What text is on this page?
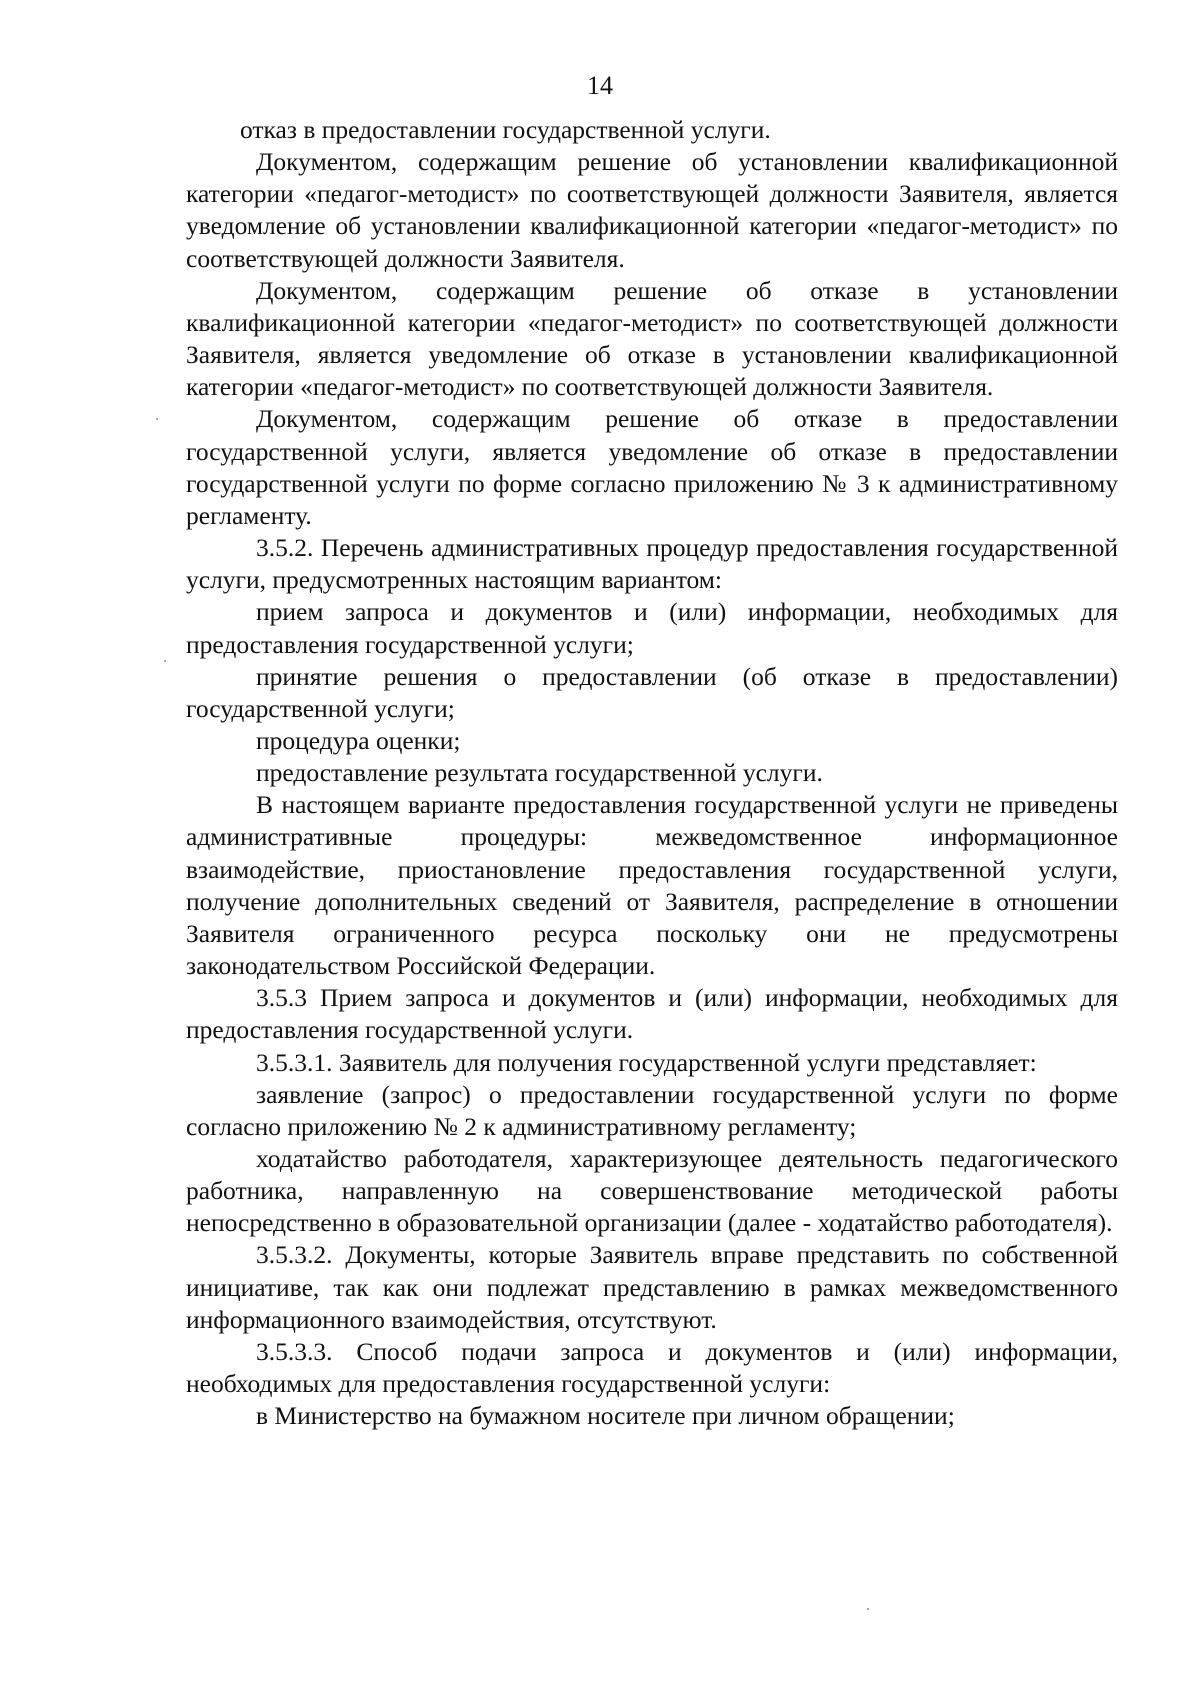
14

отказ в предоставлении государственной услуги.

Документом, содержащим решение об установлении квалификационной категории «педагог-методист» по соответствующей должности Заявителя, является уведомление об установлении квалификационной категории «педагог-методист» по соответствующей должности Заявителя.

Документом, содержащим решение об отказе в установлении квалификационной категории «педагог-методист» по соответствующей должности Заявителя, является уведомление об отказе в установлении квалификационной категории «педагог-методист» по соответствующей должности Заявителя.

Документом, содержащим решение об отказе в предоставлении государственной услуги, является уведомление об отказе в предоставлении государственной услуги по форме согласно приложению № 3 к административному регламенту.

3.5.2. Перечень административных процедур предоставления государственной услуги, предусмотренных настоящим вариантом:

прием запроса и документов и (или) информации, необходимых для предоставления государственной услуги;

принятие решения о предоставлении (об отказе в предоставлении) государственной услуги;

процедура оценки;

предоставление результата государственной услуги.

В настоящем варианте предоставления государственной услуги не приведены административные процедуры: межведомственное информационное взаимодействие, приостановление предоставления государственной услуги, получение дополнительных сведений от Заявителя, распределение в отношении Заявителя ограниченного ресурса поскольку они не предусмотрены законодательством Российской Федерации.

3.5.3 Прием запроса и документов и (или) информации, необходимых для предоставления государственной услуги.

3.5.3.1. Заявитель для получения государственной услуги представляет:

заявление (запрос) о предоставлении государственной услуги по форме согласно приложению № 2 к административному регламенту;

ходатайство работодателя, характеризующее деятельность педагогического работника, направленную на совершенствование методической работы непосредственно в образовательной организации (далее - ходатайство работодателя).

3.5.3.2. Документы, которые Заявитель вправе представить по собственной инициативе, так как они подлежат представлению в рамках межведомственного информационного взаимодействия, отсутствуют.

3.5.3.3. Способ подачи запроса и документов и (или) информации, необходимых для предоставления государственной услуги:

в Министерство на бумажном носителе при личном обращении;
